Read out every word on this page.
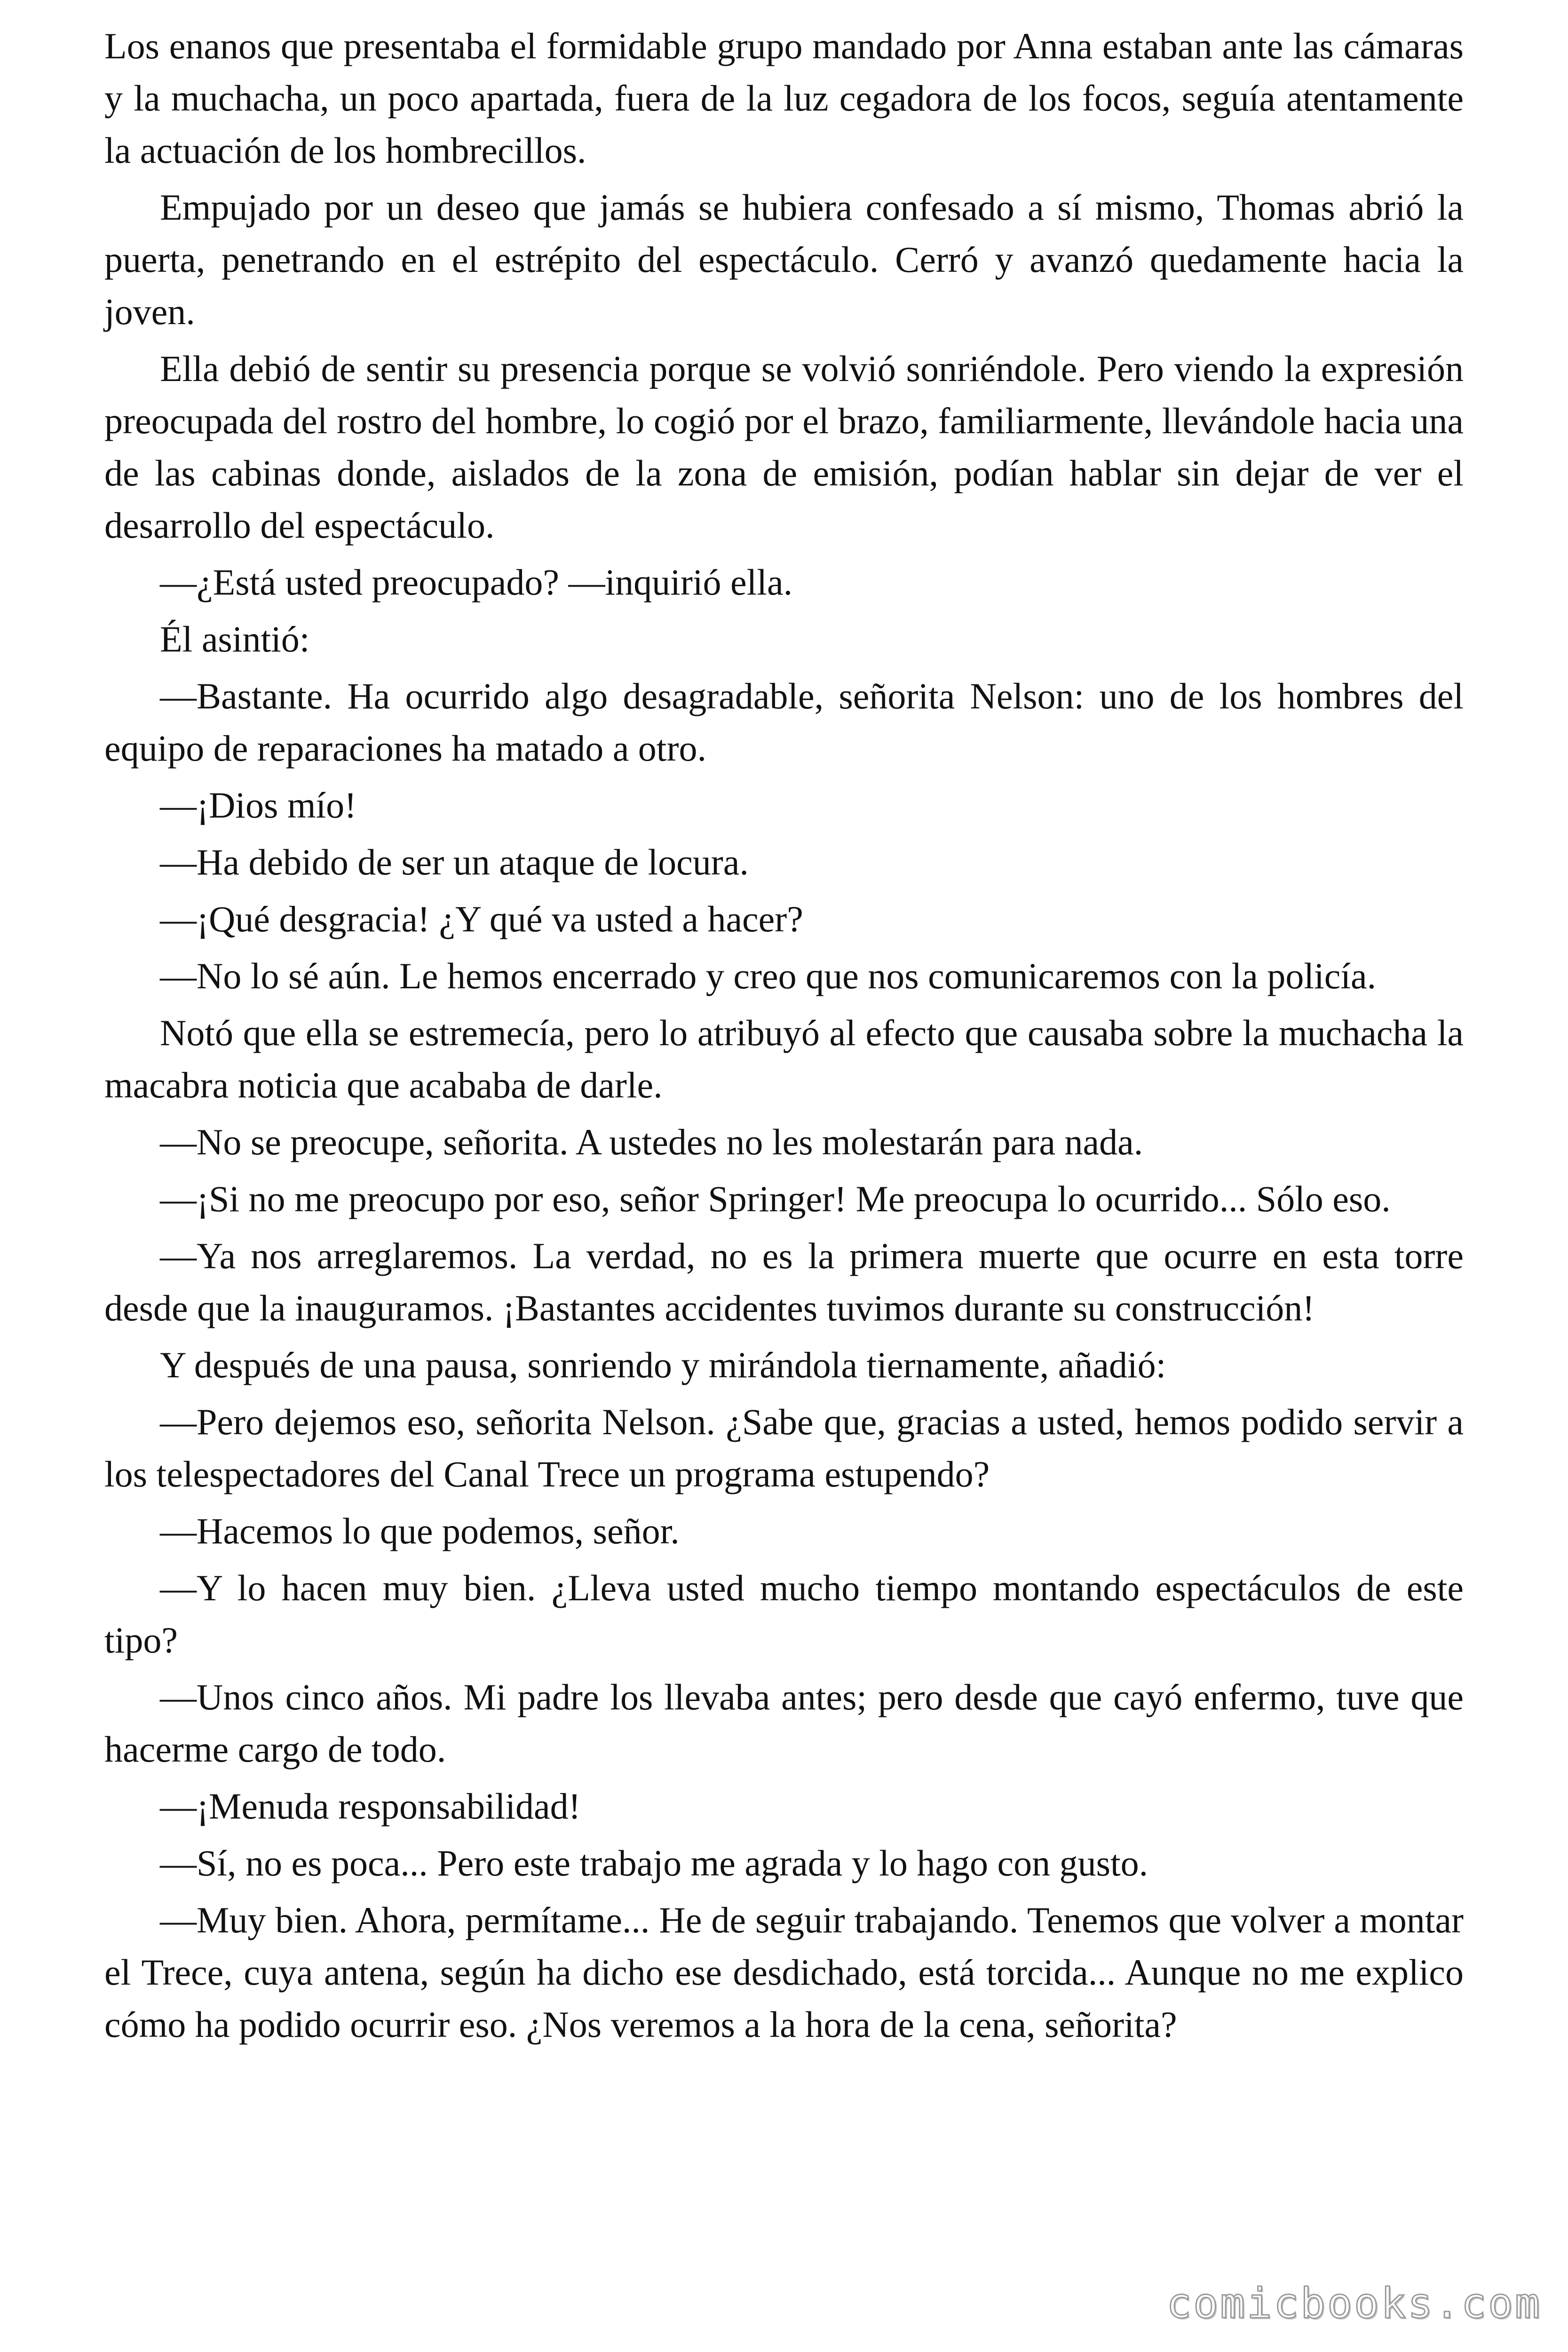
Los enanos que presentaba el formidable grupo mandado por Anna estaban ante las cámaras y la muchacha, un poco apartada, fuera de la luz cegadora de los focos, seguía atentamente la actuación de los hombrecillos.

Empujado por un deseo que jamás se hubiera confesado a sí mismo, Thomas abrió la puerta, penetrando en el estrépito del espectáculo. Cerró y avanzó quedamente hacia la joven.

Ella debió de sentir su presencia porque se volvió sonriéndole. Pero viendo la expresión preocupada del rostro del hombre, lo cogió por el brazo, familiarmente, llevándole hacia una de las cabinas donde, aislados de la zona de emisión, podían hablar sin dejar de ver el desarrollo del espectáculo.

—¿Está usted preocupado? —inquirió ella.

Él asintió:

—Bastante. Ha ocurrido algo desagradable, señorita Nelson: uno de los hombres del equipo de reparaciones ha matado a otro.

—¡Dios mío!

—Ha debido de ser un ataque de locura.

—¡Qué desgracia! ¿Y qué va usted a hacer?

—No lo sé aún. Le hemos encerrado y creo que nos comunicaremos con la policía.

Notó que ella se estremecía, pero lo atribuyó al efecto que causaba sobre la muchacha la macabra noticia que acababa de darle.

—No se preocupe, señorita. A ustedes no les molestarán para nada.

—¡Si no me preocupo por eso, señor Springer! Me preocupa lo ocurrido... Sólo eso.

—Ya nos arreglaremos. La verdad, no es la primera muerte que ocurre en esta torre desde que la inauguramos. ¡Bastantes accidentes tuvimos durante su construcción!

Y después de una pausa, sonriendo y mirándola tiernamente, añadió:

—Pero dejemos eso, señorita Nelson. ¿Sabe que, gracias a usted, hemos podido servir a los telespectadores del Canal Trece un programa estupendo?

—Hacemos lo que podemos, señor.

—Y lo hacen muy bien. ¿Lleva usted mucho tiempo montando espectáculos de este tipo?

—Unos cinco años. Mi padre los llevaba antes; pero desde que cayó enfermo, tuve que hacerme cargo de todo.

—¡Menuda responsabilidad!

—Sí, no es poca... Pero este trabajo me agrada y lo hago con gusto.

—Muy bien. Ahora, permítame... He de seguir trabajando. Tenemos que volver a montar el Trece, cuya antena, según ha dicho ese desdichado, está torcida... Aunque no me explico cómo ha podido ocurrir eso. ¿Nos veremos a la hora de la cena, señorita?

comicbooks.com
